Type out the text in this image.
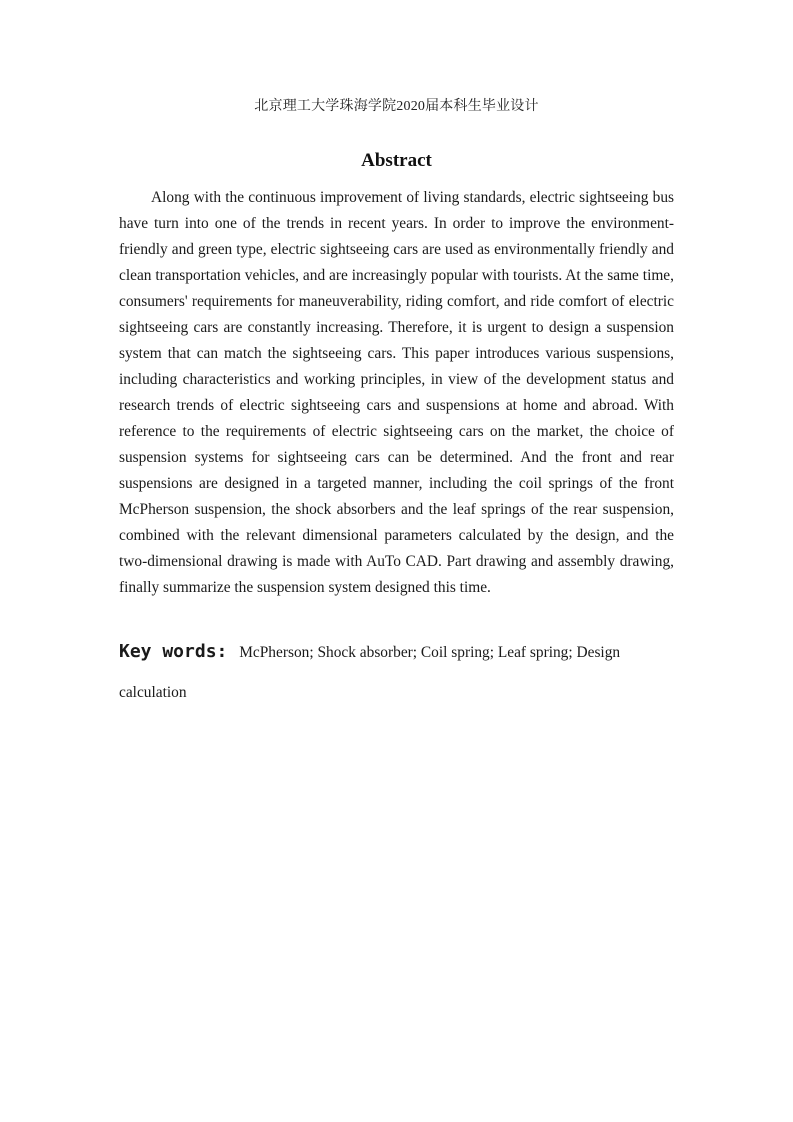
北京理工大学珠海学院2020届本科生毕业设计
Abstract

Along with the continuous improvement of living standards, electric sightseeing bus have turn into one of the trends in recent years. In order to improve the environment-friendly and green type, electric sightseeing cars are used as environmentally friendly and clean transportation vehicles, and are increasingly popular with tourists. At the same time, consumers' requirements for maneuverability, riding comfort, and ride comfort of electric sightseeing cars are constantly increasing. Therefore, it is urgent to design a suspension system that can match the sightseeing cars. This paper introduces various suspensions, including characteristics and working principles, in view of the development status and research trends of electric sightseeing cars and suspensions at home and abroad. With reference to the requirements of electric sightseeing cars on the market, the choice of suspension systems for sightseeing cars can be determined. And the front and rear suspensions are designed in a targeted manner, including the coil springs of the front McPherson suspension, the shock absorbers and the leaf springs of the rear suspension, combined with the relevant dimensional parameters calculated by the design, and the two-dimensional drawing is made with AuTo CAD. Part drawing and assembly drawing, finally summarize the suspension system designed this time.

Key words: McPherson; Shock absorber; Coil spring; Leaf spring; Design calculation
